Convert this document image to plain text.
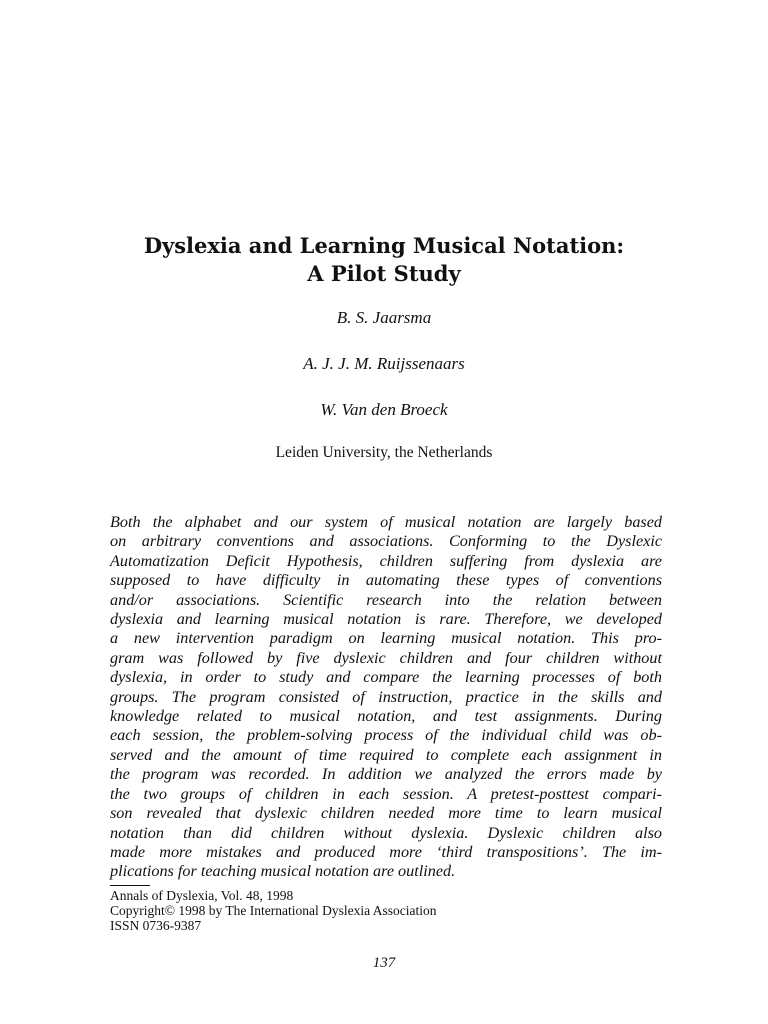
Dyslexia and Learning Musical Notation:
A Pilot Study
B. S. Jaarsma
A. J. J. M. Ruijssenaars
W. Van den Broeck
Leiden University, the Netherlands
Both the alphabet and our system of musical notation are largely based
on arbitrary conventions and associations. Conforming to the Dyslexic
Automatization Deficit Hypothesis, children suffering from dyslexia are
supposed to have difficulty in automating these types of conventions
and/or associations. Scientific research into the relation between
dyslexia and learning musical notation is rare. Therefore, we developed
a new intervention paradigm on learning musical notation. This pro-
gram was followed by five dyslexic children and four children without
dyslexia, in order to study and compare the learning processes of both
groups. The program consisted of instruction, practice in the skills and
knowledge related to musical notation, and test assignments. During
each session, the problem-solving process of the individual child was ob-
served and the amount of time required to complete each assignment in
the program was recorded. In addition we analyzed the errors made by
the two groups of children in each session. A pretest-posttest compari-
son revealed that dyslexic children needed more time to learn musical
notation than did children without dyslexia. Dyslexic children also
made more mistakes and produced more ‘third transpositions’. The im-
plications for teaching musical notation are outlined.
Annals of Dyslexia, Vol. 48, 1998
Copyright© 1998 by The International Dyslexia Association
ISSN 0736-9387
137
